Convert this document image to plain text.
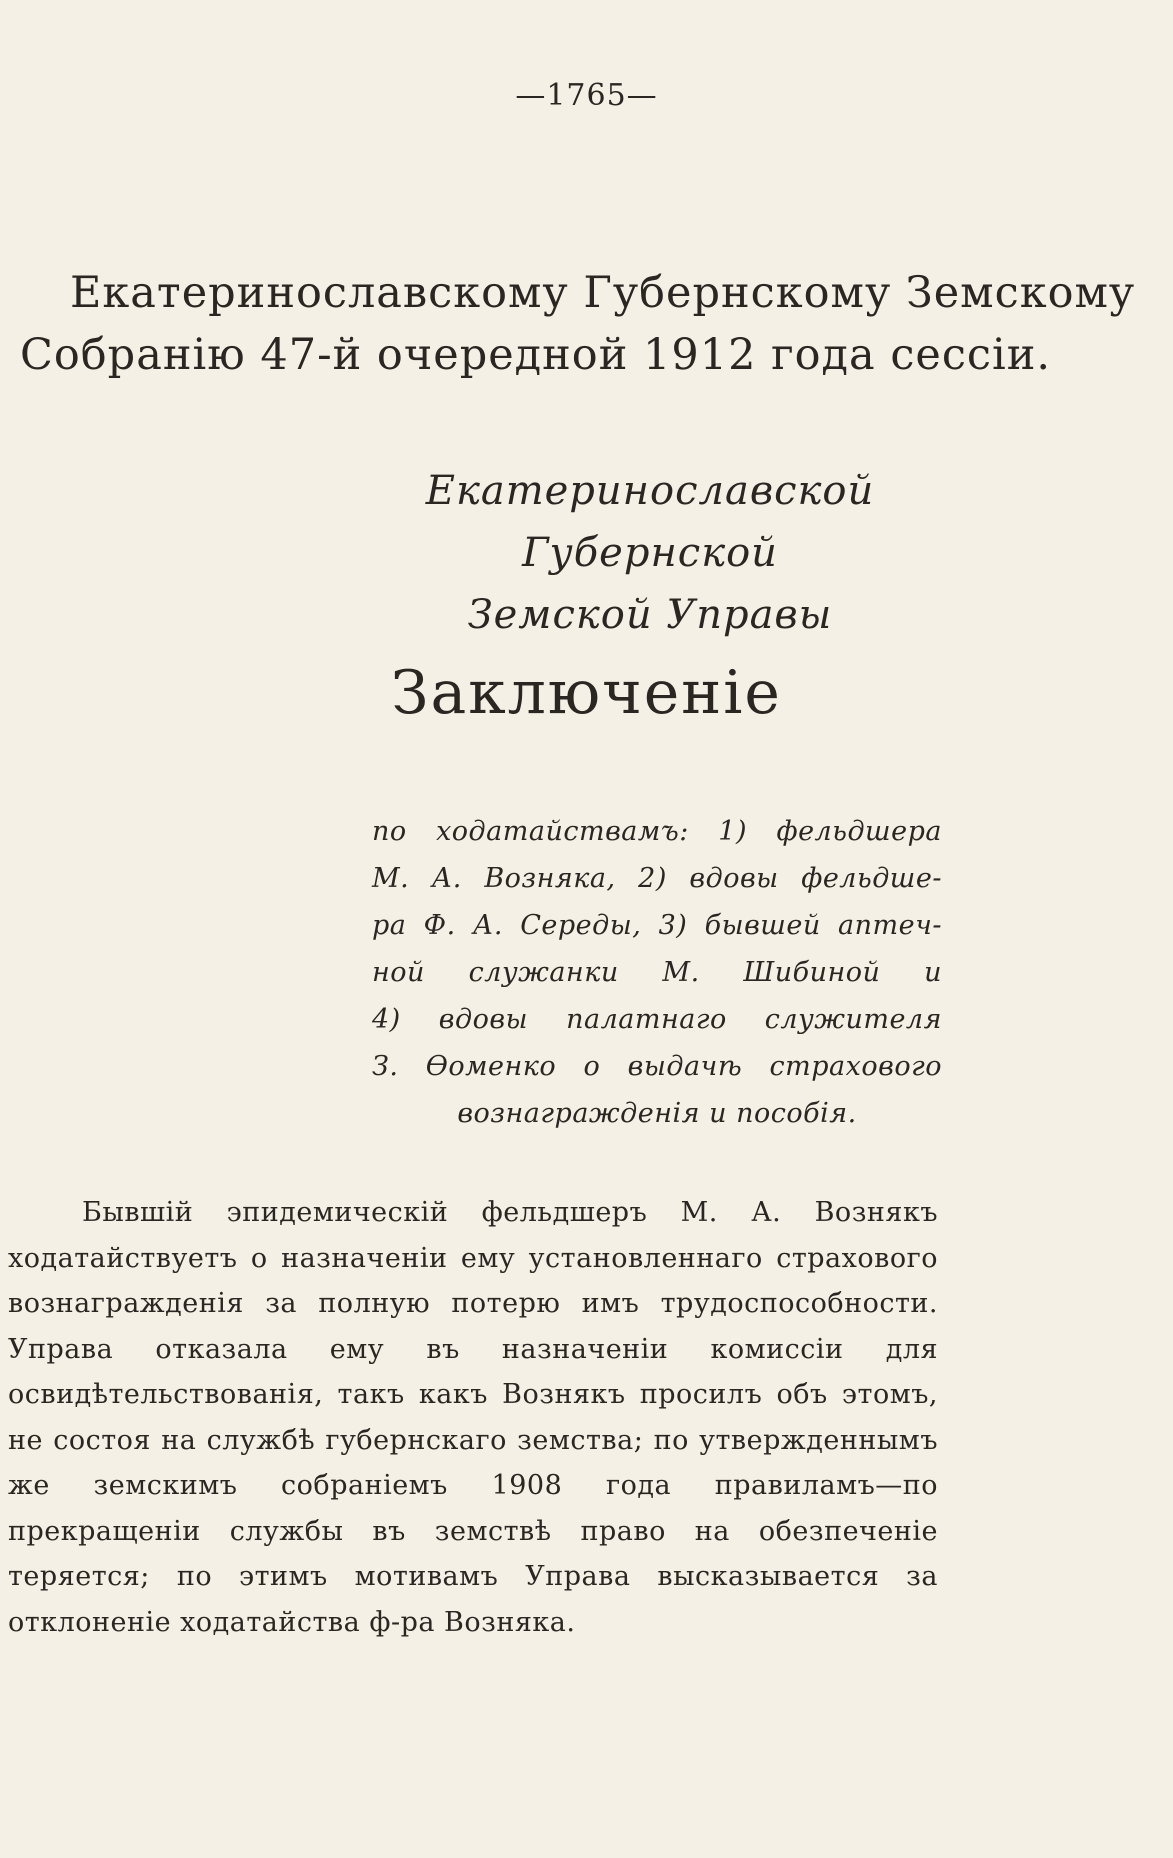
—1765—
Екатеринославскому Губернскому Земскому
Собранію 47-й очередной 1912 года сессіи.
Екатеринославской Губернской
Земской Управы
Заключеніе
по ходатайствамъ: 1) фельдшера
М. А. Возняка, 2) вдовы фельдше-
ра Ф. А. Середы, 3) бывшей аптеч-
ной служанки М. Шибиной и
4) вдовы палатнаго служителя
З. Ѳоменко о выдачѣ страхового
вознагражденія и пособія.
Бывшій эпидемическій фельдшеръ М. А. Вознякъ ходатайствуетъ о назначеніи ему установленнаго страхового вознагражденія за полную потерю имъ трудоспособности. Управа отказала ему въ назначеніи комиссіи для освидѣтельствованія, такъ какъ Вознякъ просилъ объ этомъ, не состоя на службѣ губернскаго земства; по утвержденнымъ же земскимъ собраніемъ 1908 года правиламъ—по прекращеніи службы въ земствѣ право на обезпеченіе теряется; по этимъ мотивамъ Управа высказывается за отклоненіе ходатайства ф-ра Возняка.
